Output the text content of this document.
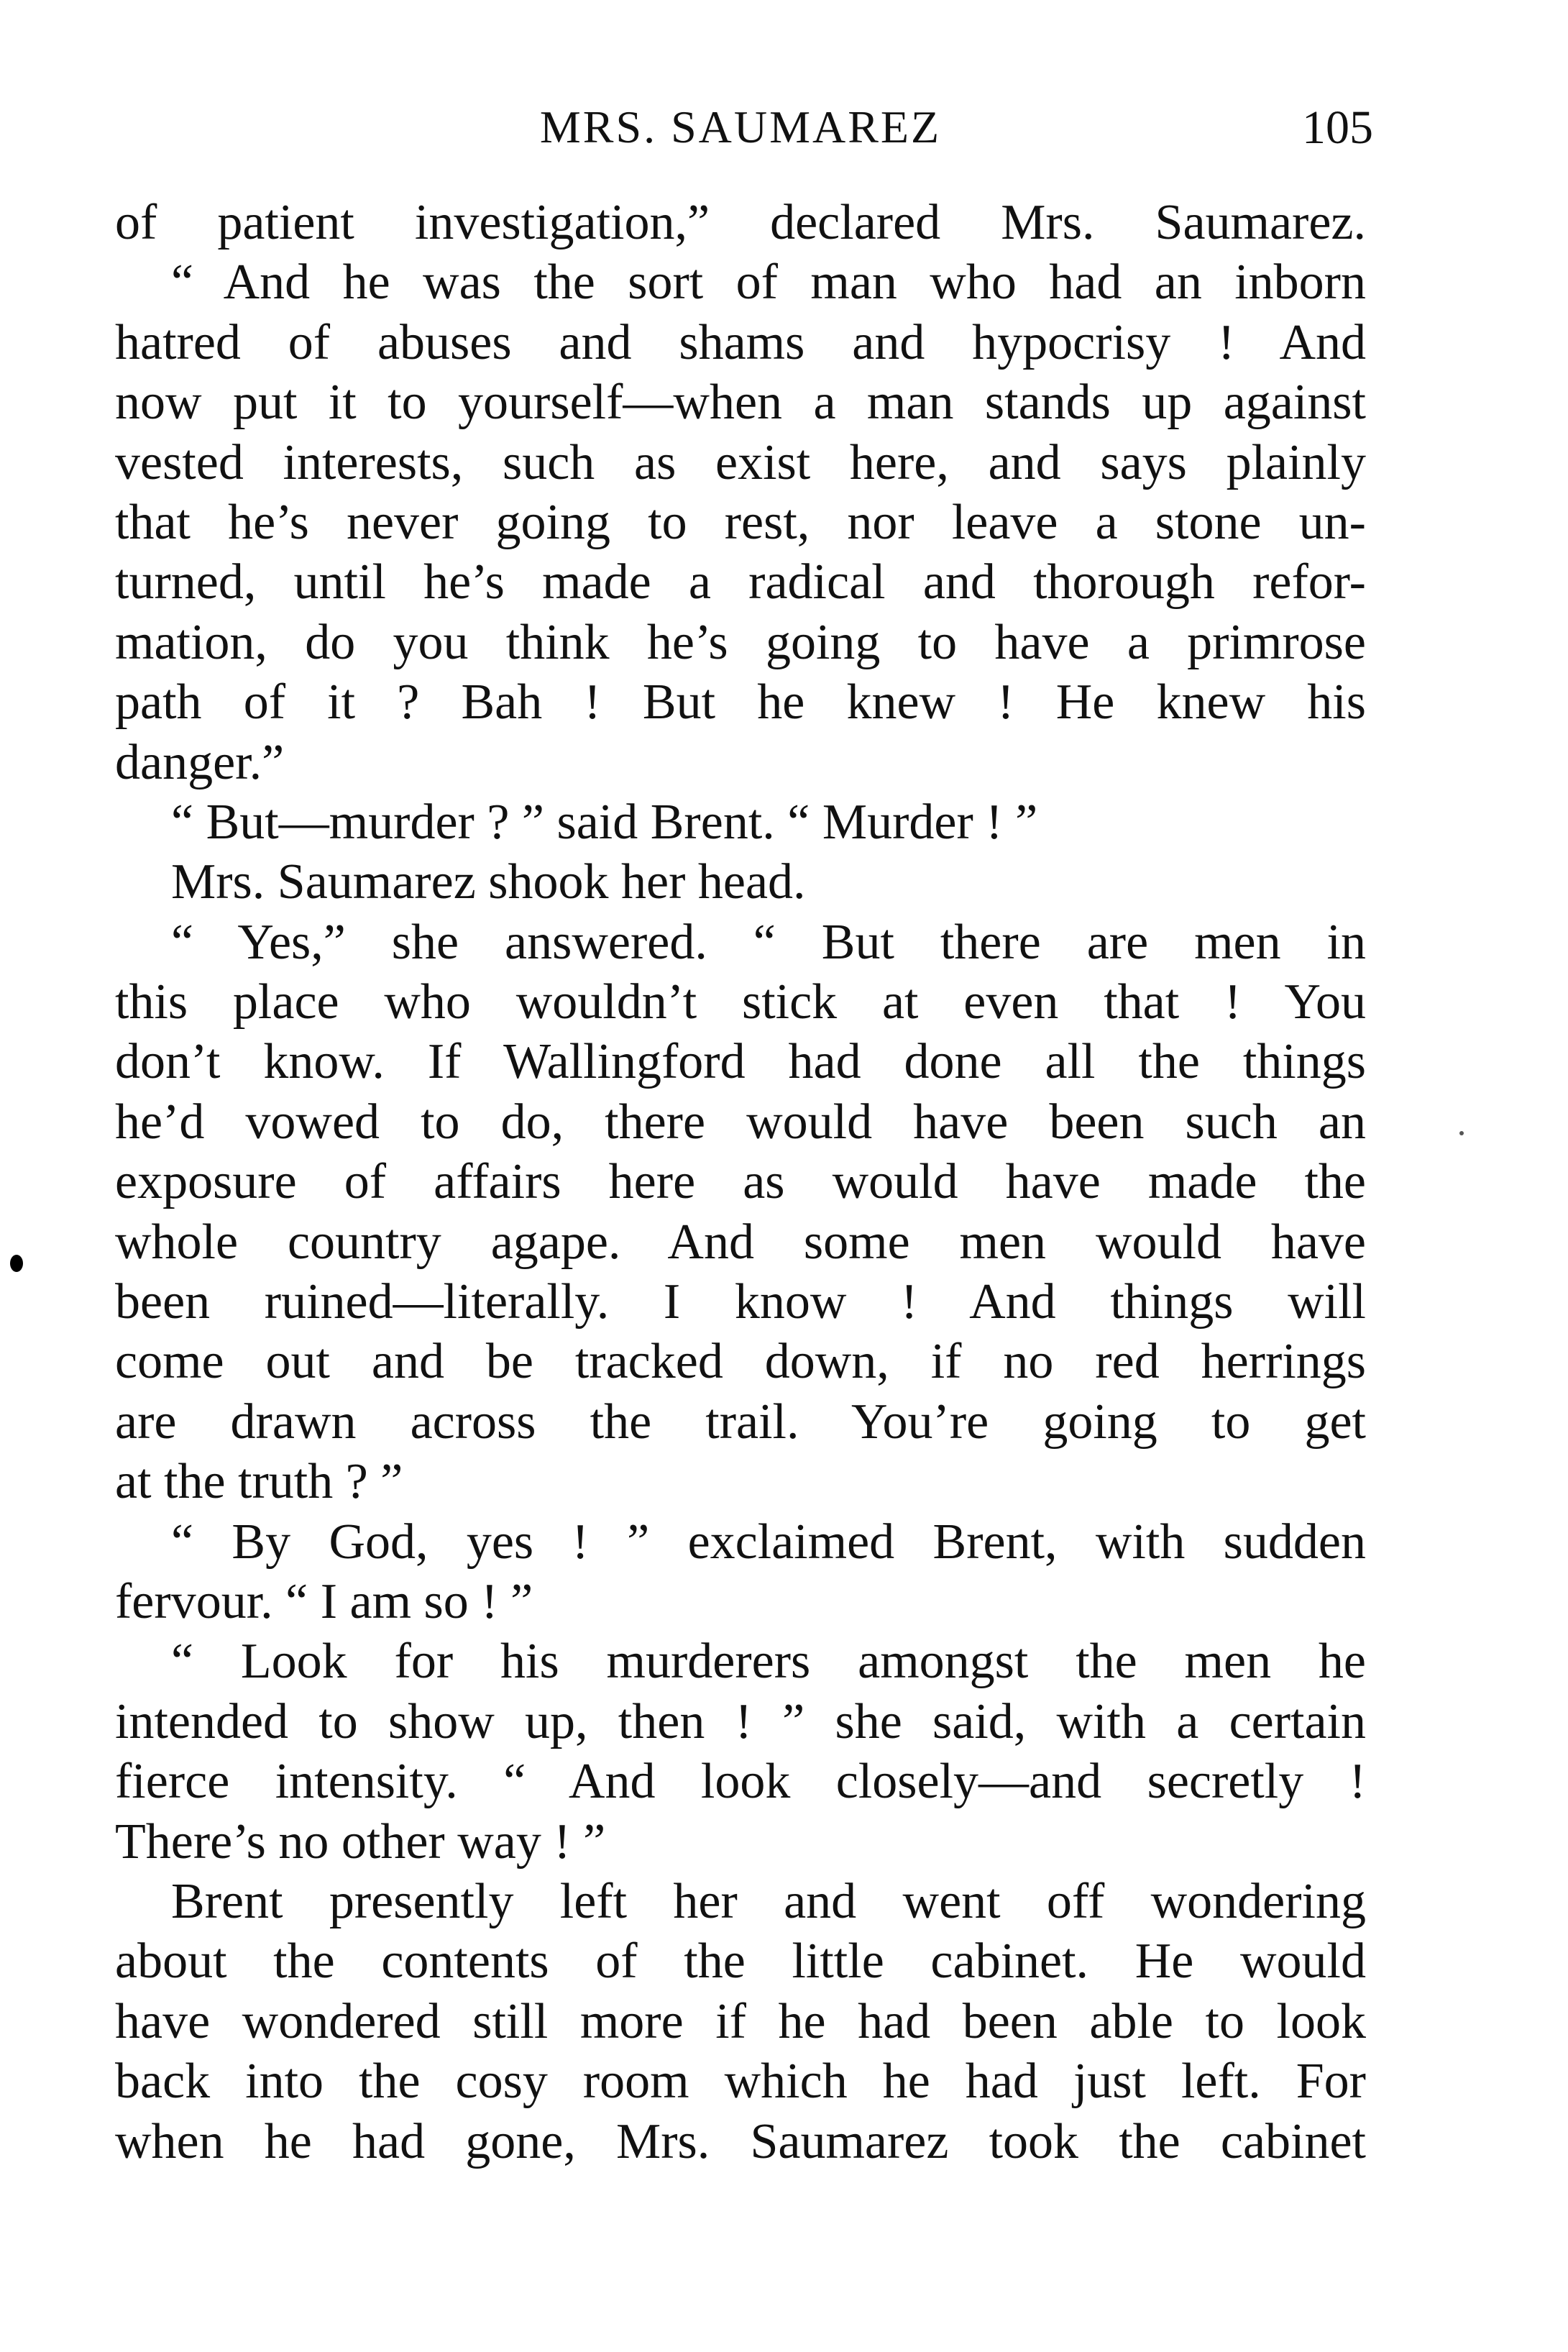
MRS. SAUMAREZ	105
of patient investigation,” declared Mrs. Saumarez.
“ And he was the sort of man who had an inborn
hatred of abuses and shams and hypocrisy ! And
now put it to yourself—when a man stands up against
vested interests, such as exist here, and says plainly
that he’s never going to rest, nor leave a stone un-
turned, until he’s made a radical and thorough refor-
mation, do you think he’s going to have a primrose
path of it ? Bah ! But he knew ! He knew his
danger.”
“ But—murder ? ” said Brent. “ Murder ! ”
Mrs. Saumarez shook her head.
“ Yes,” she answered. “ But there are men in
this place who wouldn’t stick at even that ! You
don’t know. If Wallingford had done all the things
he’d vowed to do, there would have been such an
exposure of affairs here as would have made the
whole country agape. And some men would have
been ruined—literally. I know ! And things will
come out and be tracked down, if no red herrings
are drawn across the trail. You’re going to get
at the truth ? ”
“ By God, yes ! ” exclaimed Brent, with sudden
fervour. “ I am so ! ”
“ Look for his murderers amongst the men he
intended to show up, then ! ” she said, with a certain
fierce intensity. “ And look closely—and secretly !
There’s no other way ! ”
Brent presently left her and went off wondering
about the contents of the little cabinet. He would
have wondered still more if he had been able to look
back into the cosy room which he had just left. For
when he had gone, Mrs. Saumarez took the cabinet
